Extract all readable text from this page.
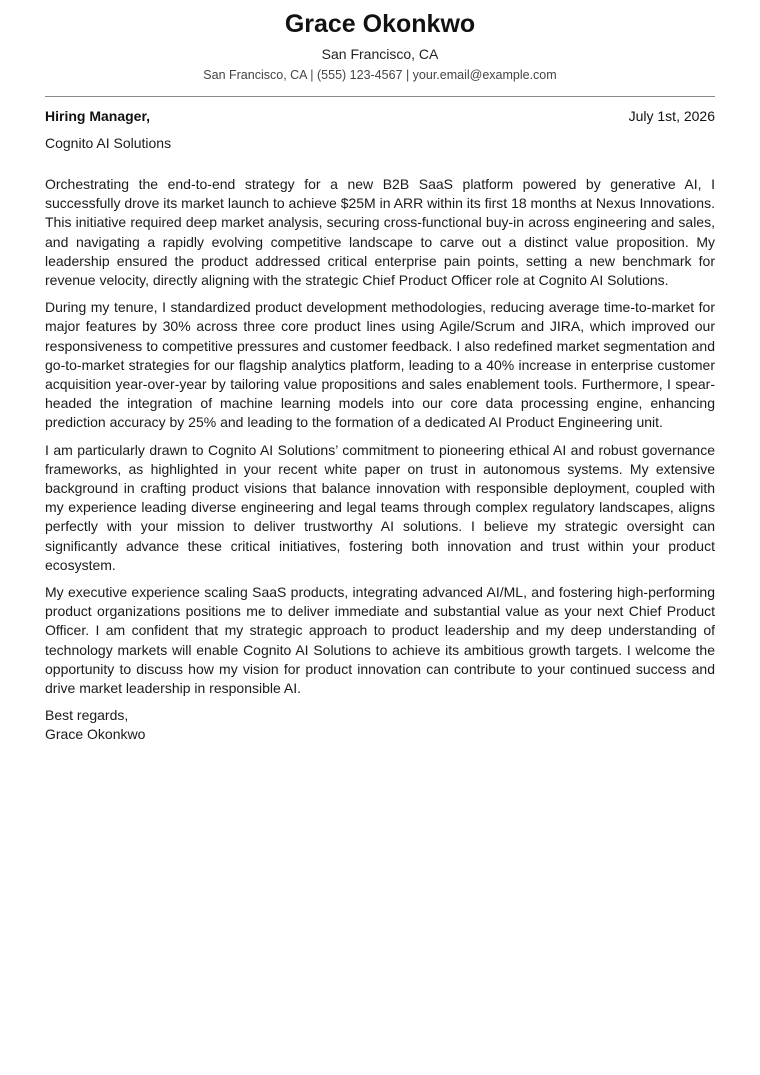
Grace Okonkwo
San Francisco, CA
San Francisco, CA | (555) 123-4567 | your.email@example.com
Hiring Manager,	July 1st, 2026
Cognito AI Solutions

Orchestrating the end-to-end strategy for a new B2B SaaS platform powered by generative AI, I successfully drove its market launch to achieve $25M in ARR within its first 18 months at Nexus Innovations. This initiative required deep market analysis, securing cross-functional buy-in across engineering and sales, and navigating a rapidly evolving competitive landscape to carve out a distinct value proposition. My leadership ensured the product addressed critical enterprise pain points, setting a new benchmark for revenue velocity, directly aligning with the strategic Chief Product Officer role at Cognito AI Solutions.

During my tenure, I standardized product development methodologies, reducing average time-to-market for major features by 30% across three core product lines using Agile/Scrum and JIRA, which improved our responsiveness to competitive pressures and customer feedback. I also redefined market segmentation and go-to-market strategies for our flagship analytics platform, leading to a 40% increase in enterprise customer acquisition year-over-year by tailoring value propositions and sales enablement tools. Furthermore, I spear-headed the integration of machine learning models into our core data processing engine, enhancing prediction accuracy by 25% and leading to the formation of a dedicated AI Product Engineering unit.

I am particularly drawn to Cognito AI Solutions’ commitment to pioneering ethical AI and robust governance frameworks, as highlighted in your recent white paper on trust in autonomous systems. My extensive background in crafting product visions that balance innovation with responsible deployment, coupled with my experience leading diverse engineering and legal teams through complex regulatory landscapes, aligns perfectly with your mission to deliver trustworthy AI solutions. I believe my strategic oversight can significantly advance these critical initiatives, fostering both innovation and trust within your product ecosystem.

My executive experience scaling SaaS products, integrating advanced AI/ML, and fostering high-performing product organizations positions me to deliver immediate and substantial value as your next Chief Product Officer. I am confident that my strategic approach to product leadership and my deep understanding of technology markets will enable Cognito AI Solutions to achieve its ambitious growth targets. I welcome the opportunity to discuss how my vision for product innovation can contribute to your continued success and drive market leadership in responsible AI.

Best regards,
Grace Okonkwo
